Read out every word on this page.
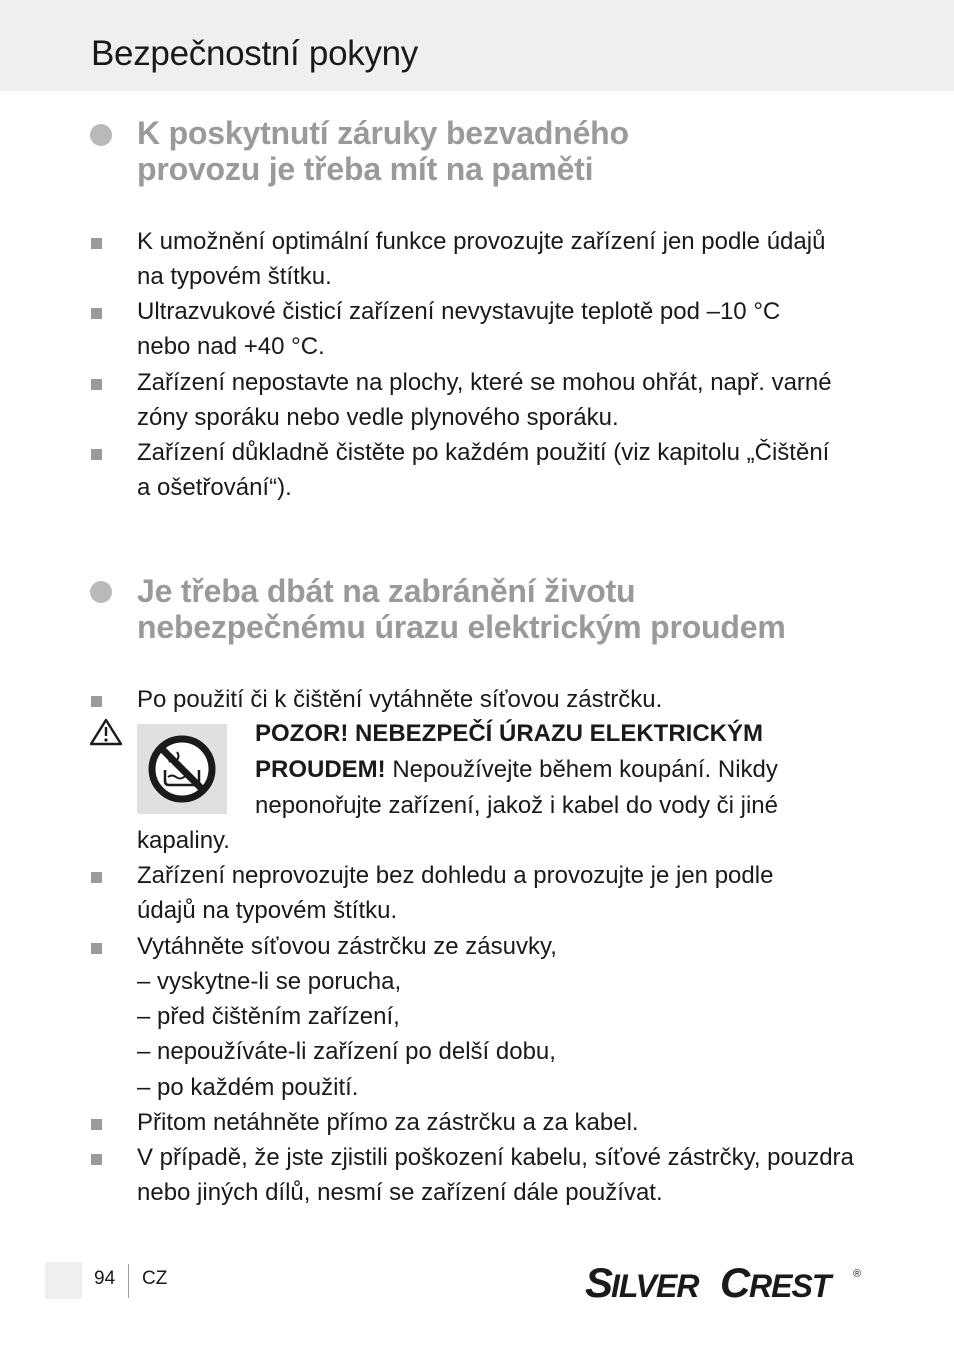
Bezpečnostní pokyny
K poskytnutí záruky bezvadného
provozu je třeba mít na paměti
K umožnění optimální funkce provozujte zařízení jen podle údajů
na typovém štítku.
Ultrazvukové čisticí zařízení nevystavujte teplotě pod –10 °C
nebo nad +40 °C.
Zařízení nepostavte na plochy, které se mohou ohřát, např. varné
zóny sporáku nebo vedle plynového sporáku.
Zařízení důkladně čistěte po každém použití (viz kapitolu „Čištění
a ošetřování“).
Je třeba dbát na zabránění životu
nebezpečnému úrazu elektrickým proudem
Po použití či k čištění vytáhněte síťovou zástrčku.
POZOR! NEBEZPEČÍ ÚRAZU ELEKTRICKÝM
PROUDEM! Nepoužívejte během koupání. Nikdy
neponořujte zařízení, jakož i kabel do vody či jiné
kapaliny.
Zařízení neprovozujte bez dohledu a provozujte je jen podle
údajů na typovém štítku.
Vytáhněte síťovou zástrčku ze zásuvky,
– vyskytne-li se porucha,
– před čištěním zařízení,
– nepoužíváte-li zařízení po delší dobu,
– po každém použití.
Přitom netáhněte přímo za zástrčku a za kabel.
V případě, že jste zjistili poškození kabelu, síťové zástrčky, pouzdra
nebo jiných dílů, nesmí se zařízení dále používat.
94 CZ	S
ILVER C REST	®
